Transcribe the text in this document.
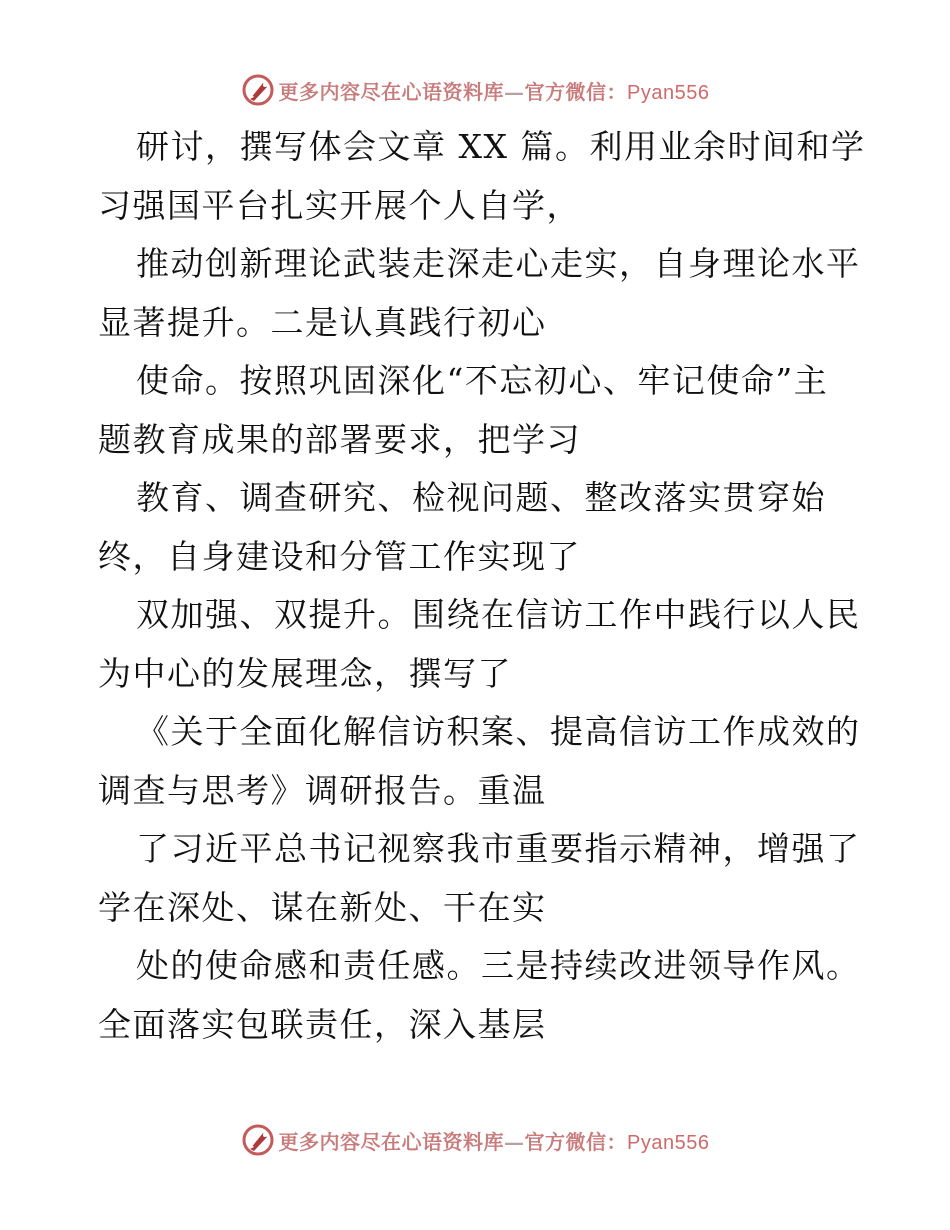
更多内容尽在心语资料库—官方微信：Pyan556
研讨，撰写体会文章 XX 篇。利用业余时间和学
习强国平台扎实开展个人自学，
推动创新理论武装走深走心走实，自身理论水平
显著提升。二是认真践行初心
使命。按照巩固深化“不忘初心、牢记使命”主
题教育成果的部署要求，把学习
教育、调查研究、检视问题、整改落实贯穿始
终，自身建设和分管工作实现了
双加强、双提升。围绕在信访工作中践行以人民
为中心的发展理念，撰写了
《关于全面化解信访积案、提高信访工作成效的
调查与思考》调研报告。重温
了习近平总书记视察我市重要指示精神，增强了
学在深处、谋在新处、干在实
处的使命感和责任感。三是持续改进领导作风。
全面落实包联责任，深入基层
更多内容尽在心语资料库—官方微信：Pyan556
